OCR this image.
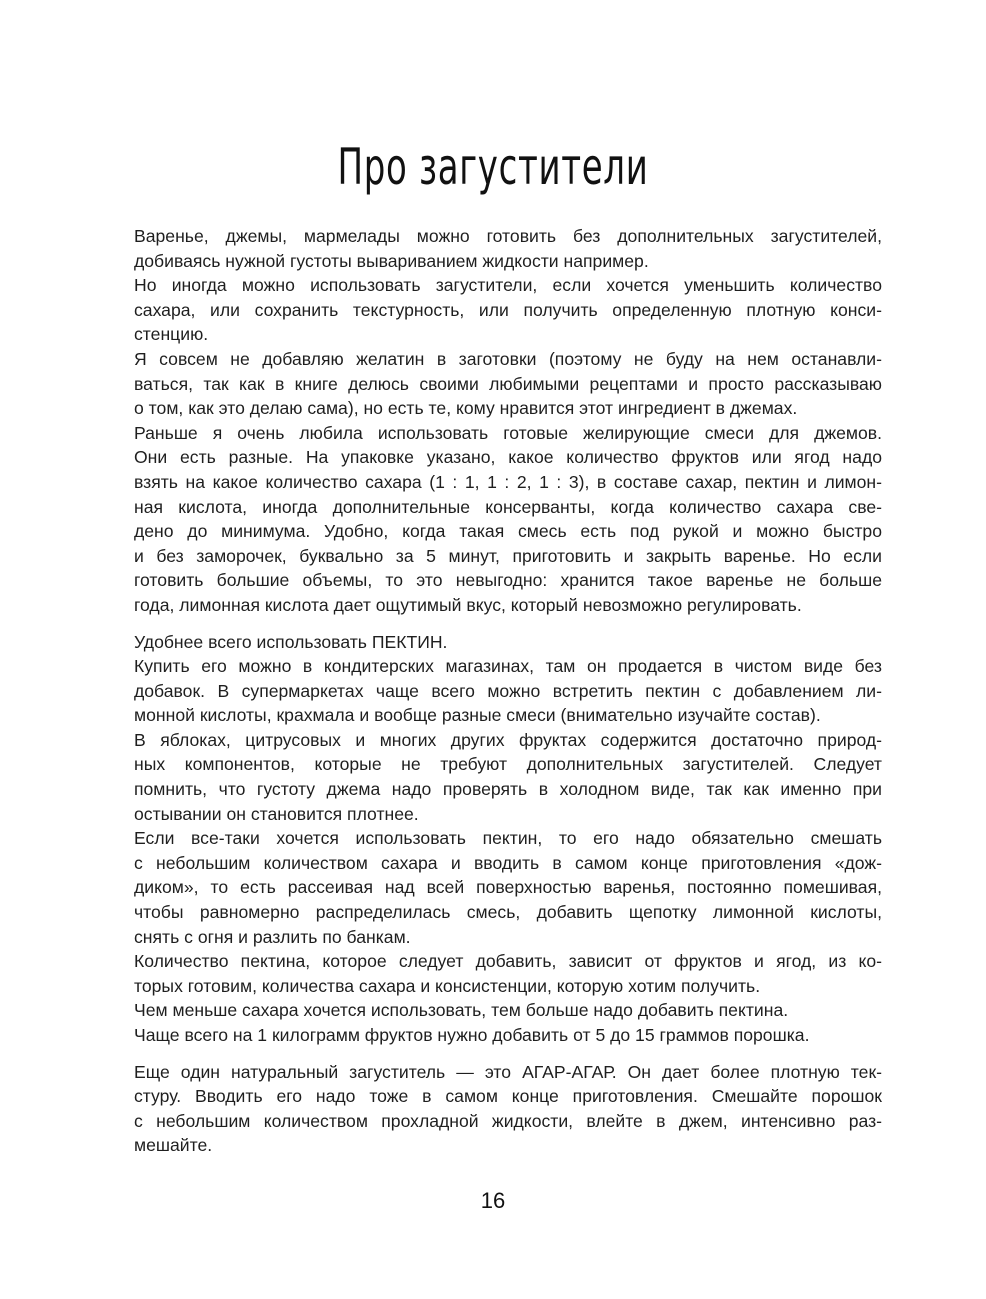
Про загустители
Варенье, джемы, мармелады можно готовить без дополнительных загустителей,
добиваясь нужной густоты вывариванием жидкости например.
Но иногда можно использовать загустители, если хочется уменьшить количество
сахара, или сохранить текстурность, или получить определенную плотную конси-
стенцию.
Я совсем не добавляю желатин в заготовки (поэтому не буду на нем останавли-
ваться, так как в книге делюсь своими любимыми рецептами и просто рассказываю
о том, как это делаю сама), но есть те, кому нравится этот ингредиент в джемах.
Раньше я очень любила использовать готовые желирующие смеси для джемов.
Они есть разные. На упаковке указано, какое количество фруктов или ягод надо
взять на какое количество сахара (1 : 1, 1 : 2, 1 : 3), в составе сахар, пектин и лимон-
ная кислота, иногда дополнительные консерванты, когда количество сахара све-
дено до минимума. Удобно, когда такая смесь есть под рукой и можно быстро
и без заморочек, буквально за 5 минут, приготовить и закрыть варенье. Но если
готовить большие объемы, то это невыгодно: хранится такое варенье не больше
года, лимонная кислота дает ощутимый вкус, который невозможно регулировать.
Удобнее всего использовать ПЕКТИН.
Купить его можно в кондитерских магазинах, там он продается в чистом виде без
добавок. В супермаркетах чаще всего можно встретить пектин с добавлением ли-
монной кислоты, крахмала и вообще разные смеси (внимательно изучайте состав).
В яблоках, цитрусовых и многих других фруктах содержится достаточно природ-
ных компонентов, которые не требуют дополнительных загустителей. Следует
помнить, что густоту джема надо проверять в холодном виде, так как именно при
остывании он становится плотнее.
Если все-таки хочется использовать пектин, то его надо обязательно смешать
с небольшим количеством сахара и вводить в самом конце приготовления «дож-
диком», то есть рассеивая над всей поверхностью варенья, постоянно помешивая,
чтобы равномерно распределилась смесь, добавить щепотку лимонной кислоты,
снять с огня и разлить по банкам.
Количество пектина, которое следует добавить, зависит от фруктов и ягод, из ко-
торых готовим, количества сахара и консистенции, которую хотим получить.
Чем меньше сахара хочется использовать, тем больше надо добавить пектина.
Чаще всего на 1 килограмм фруктов нужно добавить от 5 до 15 граммов порошка.
Еще один натуральный загуститель — это АГАР-АГАР. Он дает более плотную тек-
стуру. Вводить его надо тоже в самом конце приготовления. Смешайте порошок
с небольшим количеством прохладной жидкости, влейте в джем, интенсивно раз-
мешайте.
16
